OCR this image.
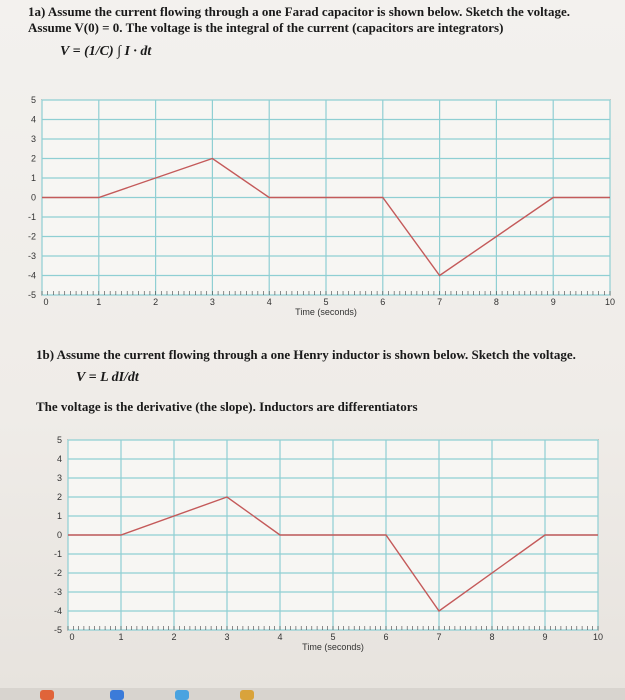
1a) Assume the current flowing through a one Farad capacitor is shown below. Sketch the voltage.
Assume V(0) = 0. The voltage is the integral of the current (capacitors are integrators)
V = (1/C) ∫ I · dt
5
4
3
2
1
0
-1
-2
-3
-4
-5
0	1	2	3	4	5	6	7	8	9	10
Time (seconds)
1b) Assume the current flowing through a one Henry inductor is shown below. Sketch the voltage.
V = L dI/dt
The voltage is the derivative (the slope). Inductors are differentiators
5
4
3
2
1
0
-1
-2
-3
-4
-5
0	1	2	3	4	5	6	7	8	9	10
Time (seconds)
